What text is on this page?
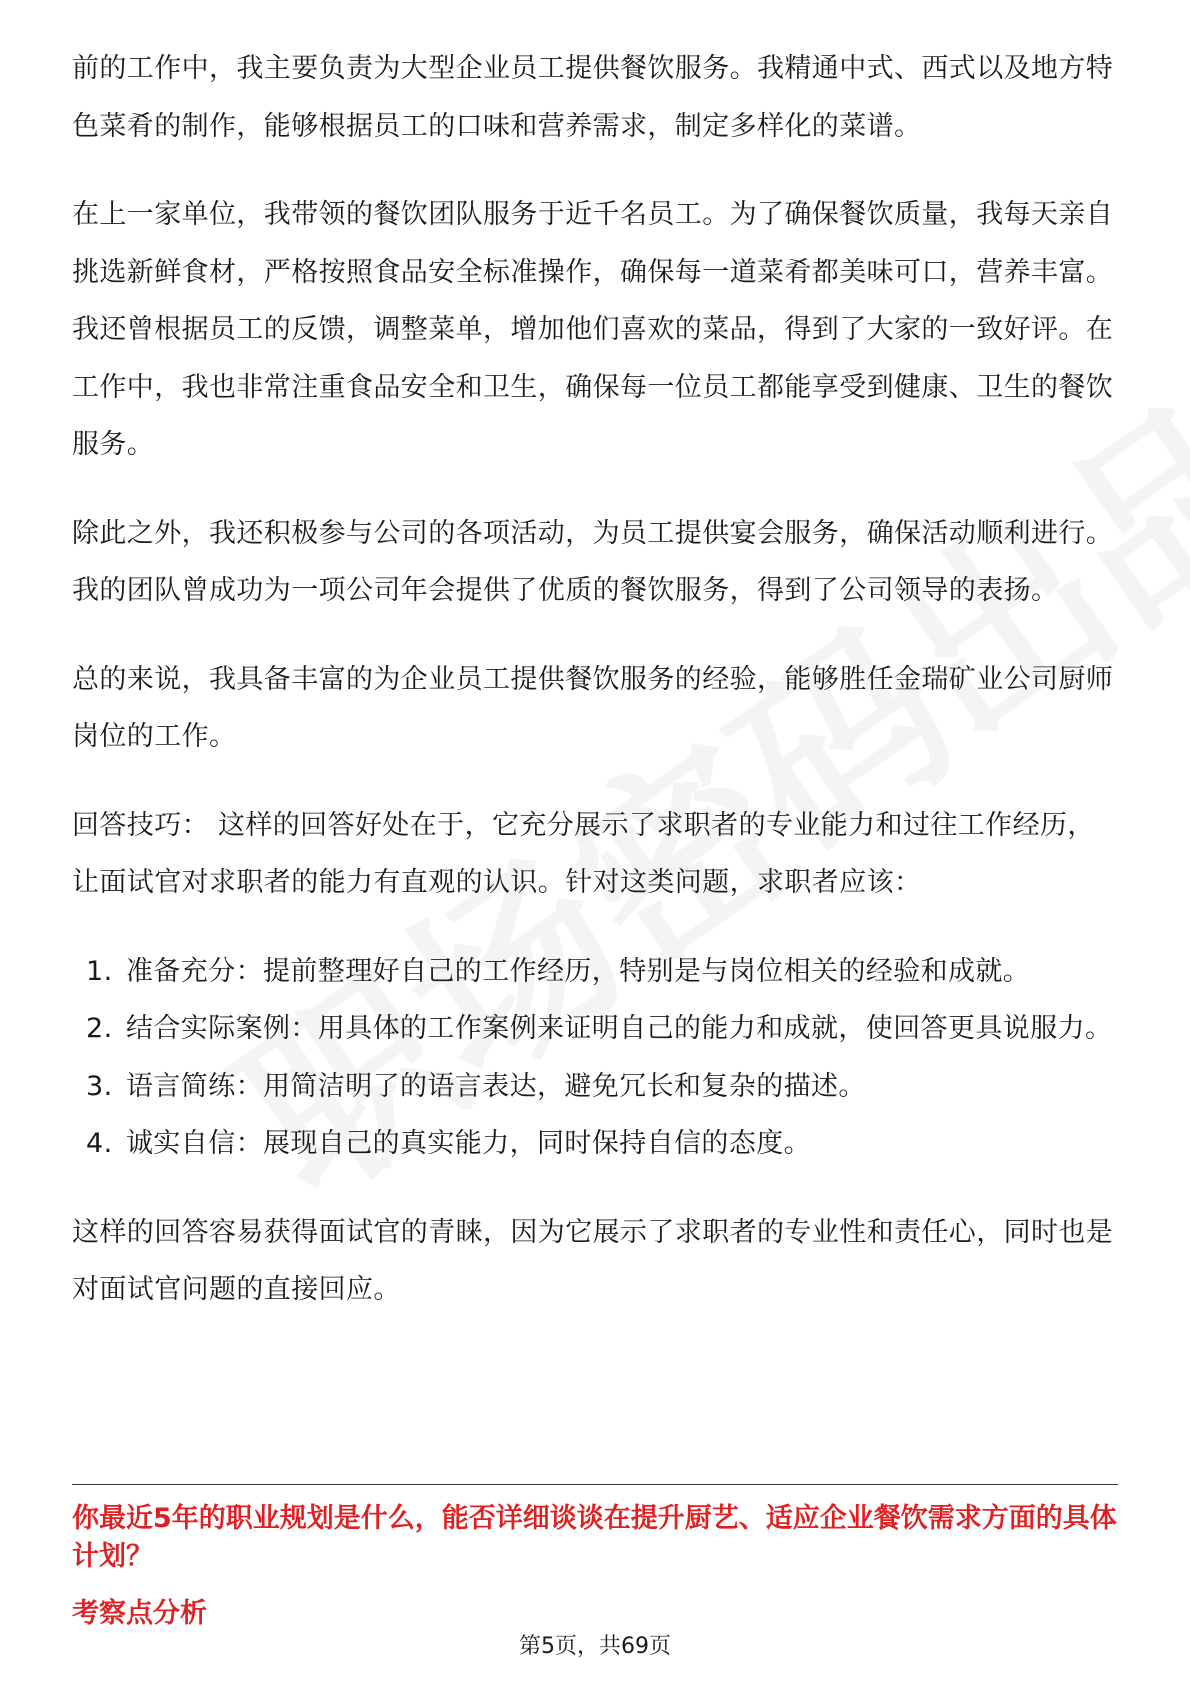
前的工作中，我主要负责为大型企业员工提供餐饮服务。我精通中式、西式以及地方特色菜肴的制作，能够根据员工的口味和营养需求，制定多样化的菜谱。

在上一家单位，我带领的餐饮团队服务于近千名员工。为了确保餐饮质量，我每天亲自挑选新鲜食材，严格按照食品安全标准操作，确保每一道菜肴都美味可口，营养丰富。我还曾根据员工的反馈，调整菜单，增加他们喜欢的菜品，得到了大家的一致好评。在工作中，我也非常注重食品安全和卫生，确保每一位员工都能享受到健康、卫生的餐饮服务。

除此之外，我还积极参与公司的各项活动，为员工提供宴会服务，确保活动顺利进行。我的团队曾成功为一项公司年会提供了优质的餐饮服务，得到了公司领导的表扬。

总的来说，我具备丰富的为企业员工提供餐饮服务的经验，能够胜任金瑞矿业公司厨师岗位的工作。

回答技巧： 这样的回答好处在于，它充分展示了求职者的专业能力和过往工作经历，让面试官对求职者的能力有直观的认识。针对这类问题，求职者应该：

1. 准备充分：提前整理好自己的工作经历，特别是与岗位相关的经验和成就。
2. 结合实际案例：用具体的工作案例来证明自己的能力和成就，使回答更具说服力。
3. 语言简练：用简洁明了的语言表达，避免冗长和复杂的描述。
4. 诚实自信：展现自己的真实能力，同时保持自信的态度。

这样的回答容易获得面试官的青睐，因为它展示了求职者的专业性和责任心，同时也是对面试官问题的直接回应。

你最近5年的职业规划是什么，能否详细谈谈在提升厨艺、适应企业餐饮需求方面的具体计划？

考察点分析

第5页，共69页
